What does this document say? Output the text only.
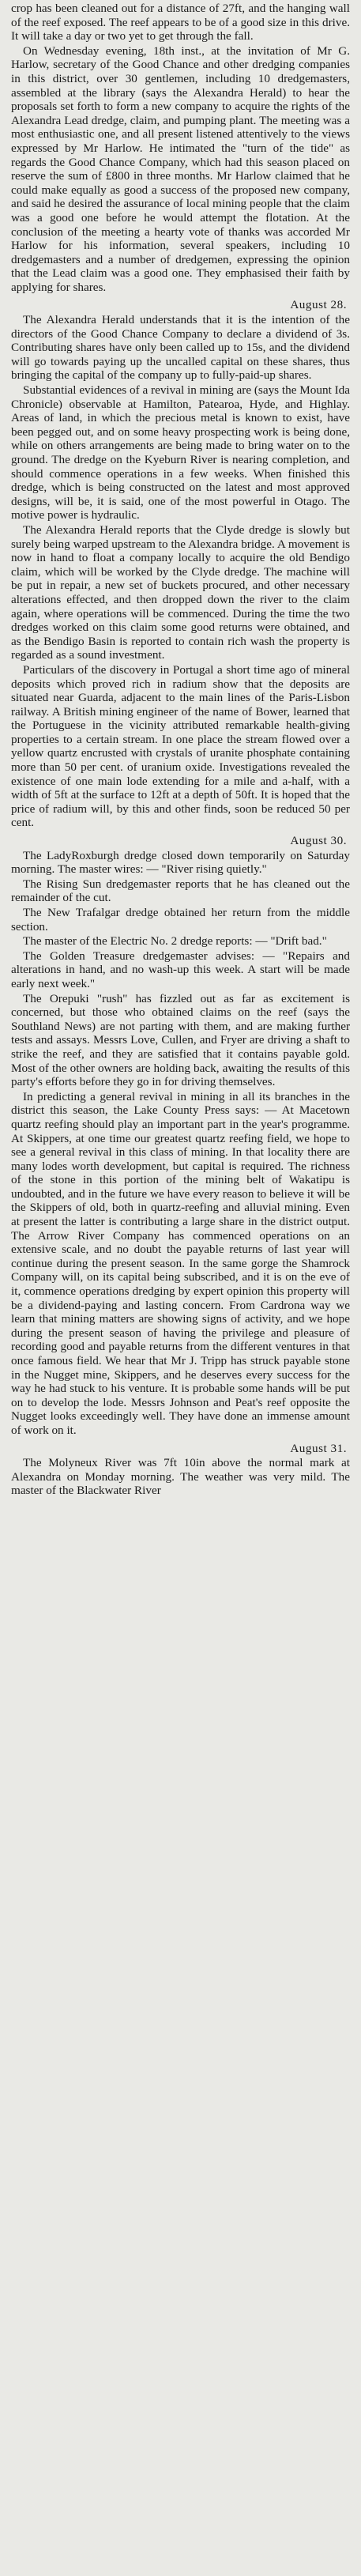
crop has been cleaned out for a distance of 27ft, and the hanging wall of the reef exposed. The reef appears to be of a good size in this drive. It will take a day or two yet to get through the fall.

On Wednesday evening, 18th inst., at the invitation of Mr G. Harlow, secretary of the Good Chance and other dredging companies in this district, over 30 gentlemen, including 10 dredgemasters, assembled at the library (says the Alexandra Herald) to hear the proposals set forth to form a new company to acquire the rights of the Alexandra Lead dredge, claim, and pumping plant. The meeting was a most enthusiastic one, and all present listened attentively to the views expressed by Mr Harlow. He intimated the "turn of the tide" as regards the Good Chance Company, which had this season placed on reserve the sum of £800 in three months. Mr Harlow claimed that he could make equally as good a success of the proposed new company, and said he desired the assurance of local mining people that the claim was a good one before he would attempt the flotation. At the conclusion of the meeting a hearty vote of thanks was accorded Mr Harlow for his information, several speakers, including 10 dredgemasters and a number of dredgemen, expressing the opinion that the Lead claim was a good one. They emphasised their faith by applying for shares.

August 28.

The Alexandra Herald understands that it is the intention of the directors of the Good Chance Company to declare a dividend of 3s. Contributing shares have only been called up to 15s, and the dividend will go towards paying up the uncalled capital on these shares, thus bringing the capital of the company up to fully-paid-up shares.

Substantial evidences of a revival in mining are (says the Mount Ida Chronicle) observable at Hamilton, Patearoa, Hyde, and Highlay. Areas of land, in which the precious metal is known to exist, have been pegged out, and on some heavy prospecting work is being done, while on others arrangements are being made to bring water on to the ground. The dredge on the Kyeburn River is nearing completion, and should commence operations in a few weeks. When finished this dredge, which is being constructed on the latest and most approved designs, will be, it is said, one of the most powerful in Otago. The motive power is hydraulic.

The Alexandra Herald reports that the Clyde dredge is slowly but surely being warped upstream to the Alexandra bridge. A movement is now in hand to float a company locally to acquire the old Bendigo claim, which will be worked by the Clyde dredge. The machine will be put in repair, a new set of buckets procured, and other necessary alterations effected, and then dropped down the river to the claim again, where operations will be commenced. During the time the two dredges worked on this claim some good returns were obtained, and as the Bendigo Basin is reported to contain rich wash the property is regarded as a sound investment.

Particulars of the discovery in Portugal a short time ago of mineral deposits which proved rich in radium show that the deposits are situated near Guarda, adjacent to the main lines of the Paris-Lisbon railway. A British mining engineer of the name of Bower, learned that the Portuguese in the vicinity attributed remarkable health-giving properties to a certain stream. In one place the stream flowed over a yellow quartz encrusted with crystals of uranite phosphate containing more than 50 per cent. of uranium oxide. Investigations revealed the existence of one main lode extending for a mile and a-half, with a width of 5ft at the surface to 12ft at a depth of 50ft. It is hoped that the price of radium will, by this and other finds, soon be reduced 50 per cent.

August 30.

The LadyRoxburgh dredge closed down temporarily on Saturday morning. The master wires: — "River rising quietly."

The Rising Sun dredgemaster reports that he has cleaned out the remainder of the cut.

The New Trafalgar dredge obtained her return from the middle section.

The master of the Electric No. 2 dredge reports: — "Drift bad."

The Golden Treasure dredgemaster advises: — "Repairs and alterations in hand, and no wash-up this week. A start will be made early next week."

The Orepuki "rush" has fizzled out as far as excitement is concerned, but those who obtained claims on the reef (says the Southland News) are not parting with them, and are making further tests and assays. Messrs Love, Cullen, and Fryer are driving a shaft to strike the reef, and they are satisfied that it contains payable gold. Most of the other owners are holding back, awaiting the results of this party's efforts before they go in for driving themselves.

In predicting a general revival in mining in all its branches in the district this season, the Lake County Press says: — At Macetown quartz reefing should play an important part in the year's programme. At Skippers, at one time our greatest quartz reefing field, we hope to see a general revival in this class of mining. In that locality there are many lodes worth development, but capital is required. The richness of the stone in this portion of the mining belt of Wakatipu is undoubted, and in the future we have every reason to believe it will be the Skippers of old, both in quartz-reefing and alluvial mining. Even at present the latter is contributing a large share in the district output. The Arrow River Company has commenced operations on an extensive scale, and no doubt the payable returns of last year will continue during the present season. In the same gorge the Shamrock Company will, on its capital being subscribed, and it is on the eve of it, commence operations dredging by expert opinion this property will be a dividend-paying and lasting concern. From Cardrona way we learn that mining matters are showing signs of activity, and we hope during the present season of having the privilege and pleasure of recording good and payable returns from the different ventures in that once famous field. We hear that Mr J. Tripp has struck payable stone in the Nugget mine, Skippers, and he deserves every success for the way he had stuck to his venture. It is probable some hands will be put on to develop the lode. Messrs Johnson and Peat's reef opposite the Nugget looks exceedingly well. They have done an immense amount of work on it.

August 31.

The Molyneux River was 7ft 10in above the normal mark at Alexandra on Monday morning. The weather was very mild. The master of the Blackwater River
